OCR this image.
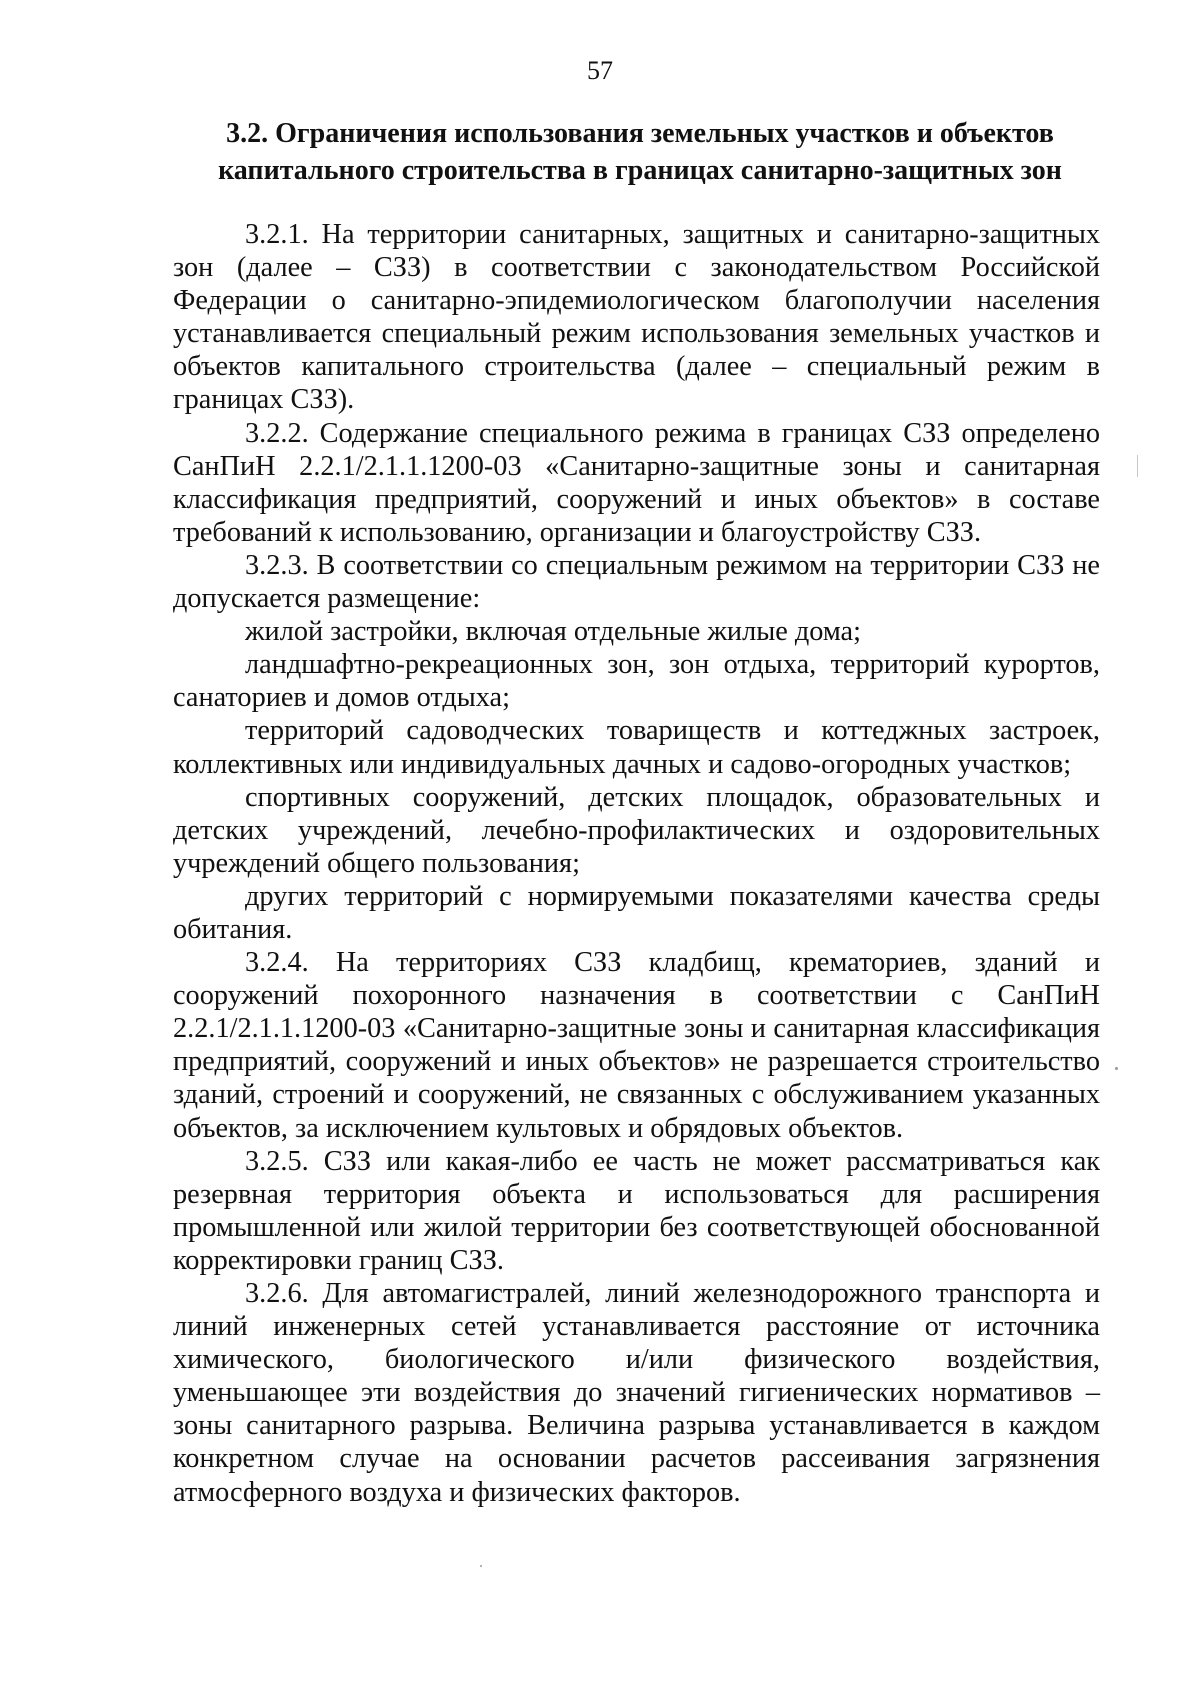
57
3.2. Ограничения использования земельных участков и объектов капитального строительства в границах санитарно-защитных зон

3.2.1. На территории санитарных, защитных и санитарно-защитных зон (далее – СЗЗ) в соответствии с законодательством Российской Федерации о санитарно-эпидемиологическом благополучии населения устанавливается специальный режим использования земельных участков и объектов капитального строительства (далее – специальный режим в границах СЗЗ).

3.2.2. Содержание специального режима в границах СЗЗ определено СанПиН 2.2.1/2.1.1.1200-03 «Санитарно-защитные зоны и санитарная классификация предприятий, сооружений и иных объектов» в составе требований к использованию, организации и благоустройству СЗЗ.

3.2.3. В соответствии со специальным режимом на территории СЗЗ не допускается размещение:

жилой застройки, включая отдельные жилые дома;

ландшафтно-рекреационных зон, зон отдыха, территорий курортов, санаториев и домов отдыха;

территорий садоводческих товариществ и коттеджных застроек, коллективных или индивидуальных дачных и садово-огородных участков;

спортивных сооружений, детских площадок, образовательных и детских учреждений, лечебно-профилактических и оздоровительных учреждений общего пользования;

других территорий с нормируемыми показателями качества среды обитания.

3.2.4. На территориях СЗЗ кладбищ, крематориев, зданий и сооружений похоронного назначения в соответствии с СанПиН 2.2.1/2.1.1.1200-03 «Санитарно-защитные зоны и санитарная классификация предприятий, сооружений и иных объектов» не разрешается строительство зданий, строений и сооружений, не связанных с обслуживанием указанных объектов, за исключением культовых и обрядовых объектов.

3.2.5. СЗЗ или какая-либо ее часть не может рассматриваться как резервная территория объекта и использоваться для расширения промышленной или жилой территории без соответствующей обоснованной корректировки границ СЗЗ.

3.2.6. Для автомагистралей, линий железнодорожного транспорта и линий инженерных сетей устанавливается расстояние от источника химического, биологического и/или физического воздействия, уменьшающее эти воздействия до значений гигиенических нормативов – зоны санитарного разрыва. Величина разрыва устанавливается в каждом конкретном случае на основании расчетов рассеивания загрязнения атмосферного воздуха и физических факторов.
